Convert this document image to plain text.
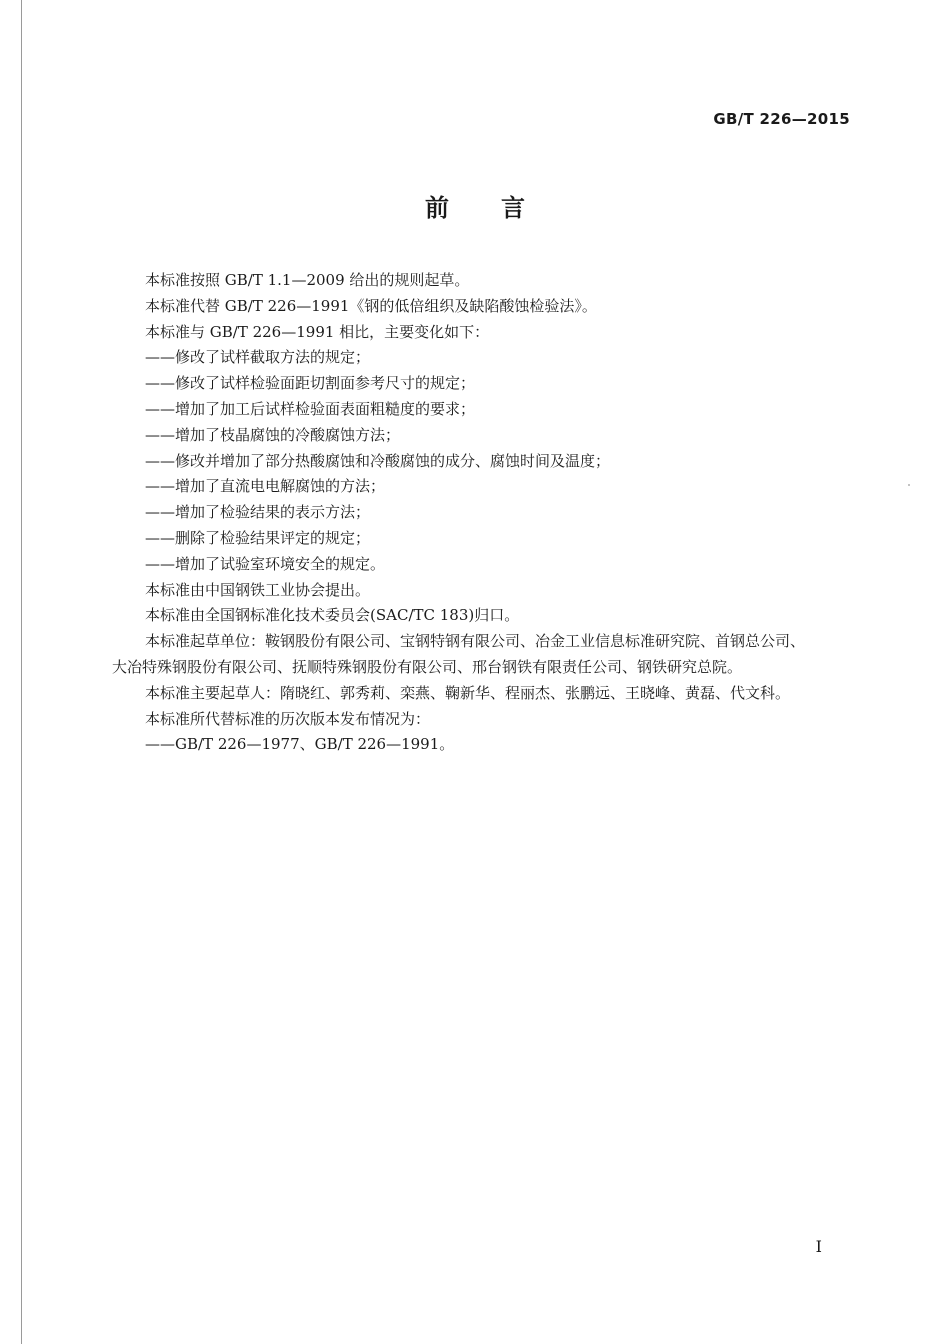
GB/T 226—2015
前言
本标准按照 GB/T 1.1—2009 给出的规则起草。
本标准代替 GB/T 226—1991《钢的低倍组织及缺陷酸蚀检验法》。
本标准与 GB/T 226—1991 相比，主要变化如下：
——修改了试样截取方法的规定；
——修改了试样检验面距切割面参考尺寸的规定；
——增加了加工后试样检验面表面粗糙度的要求；
——增加了枝晶腐蚀的冷酸腐蚀方法；
——修改并增加了部分热酸腐蚀和冷酸腐蚀的成分、腐蚀时间及温度；
——增加了直流电电解腐蚀的方法；
——增加了检验结果的表示方法；
——删除了检验结果评定的规定；
——增加了试验室环境安全的规定。
本标准由中国钢铁工业协会提出。
本标准由全国钢标准化技术委员会(SAC/TC 183)归口。
本标准起草单位：鞍钢股份有限公司、宝钢特钢有限公司、冶金工业信息标准研究院、首钢总公司、
大冶特殊钢股份有限公司、抚顺特殊钢股份有限公司、邢台钢铁有限责任公司、钢铁研究总院。
本标准主要起草人：隋晓红、郭秀莉、栾燕、鞠新华、程丽杰、张鹏远、王晓峰、黄磊、代文科。
本标准所代替标准的历次版本发布情况为：
——GB/T 226—1977、GB/T 226—1991。
I
